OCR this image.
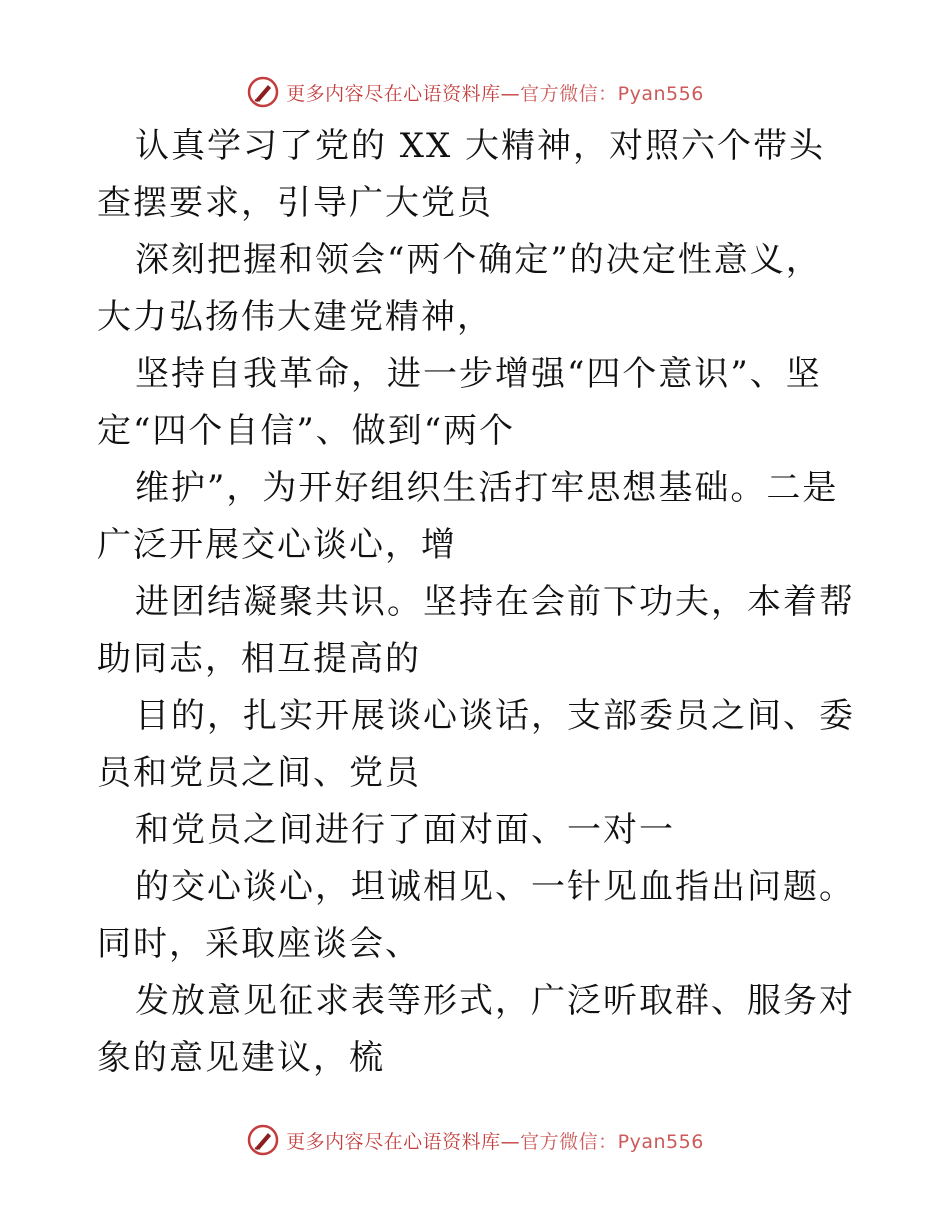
更多内容尽在心语资料库—官方微信：Pyan556

认真学习了党的 XX 大精神，对照六个带头查摆要求，引导广大党员

深刻把握和领会“两个确定”的决定性意义，大力弘扬伟大建党精神，

坚持自我革命，进一步增强“四个意识”、坚定“四个自信”、做到“两个

维护”，为开好组织生活打牢思想基础。二是广泛开展交心谈心，增

进团结凝聚共识。坚持在会前下功夫，本着帮助同志，相互提高的

目的，扎实开展谈心谈话，支部委员之间、委员和党员之间、党员

和党员之间进行了面对面、一对一

的交心谈心，坦诚相见、一针见血指出问题。同时，采取座谈会、

发放意见征求表等形式，广泛听取群、服务对象的意见建议，梳

更多内容尽在心语资料库—官方微信：Pyan556
